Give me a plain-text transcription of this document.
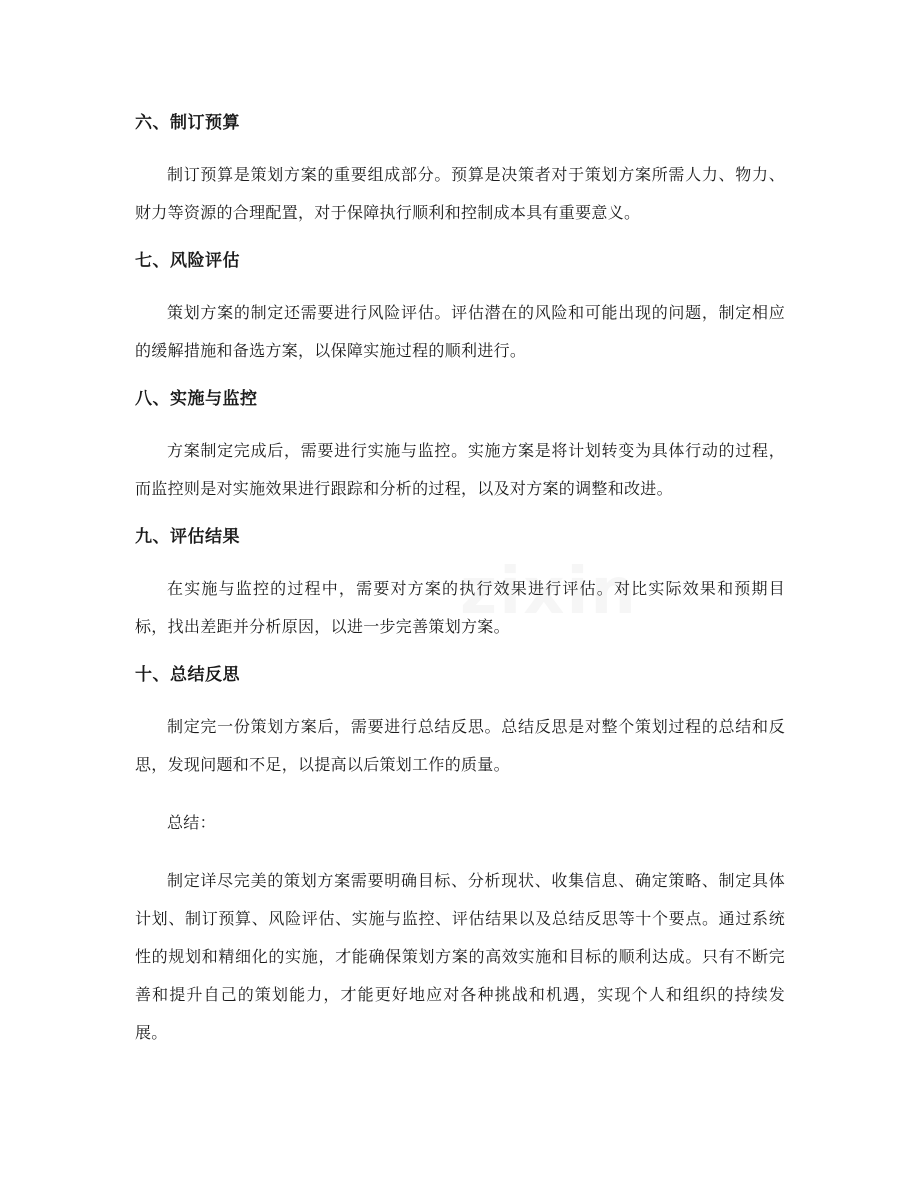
六、制订预算

制订预算是策划方案的重要组成部分。预算是决策者对于策划方案所需人力、物力、财力等资源的合理配置，对于保障执行顺利和控制成本具有重要意义。

七、风险评估

策划方案的制定还需要进行风险评估。评估潜在的风险和可能出现的问题，制定相应的缓解措施和备选方案，以保障实施过程的顺利进行。

八、实施与监控

方案制定完成后，需要进行实施与监控。实施方案是将计划转变为具体行动的过程，而监控则是对实施效果进行跟踪和分析的过程，以及对方案的调整和改进。

九、评估结果

在实施与监控的过程中，需要对方案的执行效果进行评估。对比实际效果和预期目标，找出差距并分析原因，以进一步完善策划方案。

十、总结反思

制定完一份策划方案后，需要进行总结反思。总结反思是对整个策划过程的总结和反思，发现问题和不足，以提高以后策划工作的质量。

总结：

制定详尽完美的策划方案需要明确目标、分析现状、收集信息、确定策略、制定具体计划、制订预算、风险评估、实施与监控、评估结果以及总结反思等十个要点。通过系统性的规划和精细化的实施，才能确保策划方案的高效实施和目标的顺利达成。只有不断完善和提升自己的策划能力，才能更好地应对各种挑战和机遇，实现个人和组织的持续发展。
